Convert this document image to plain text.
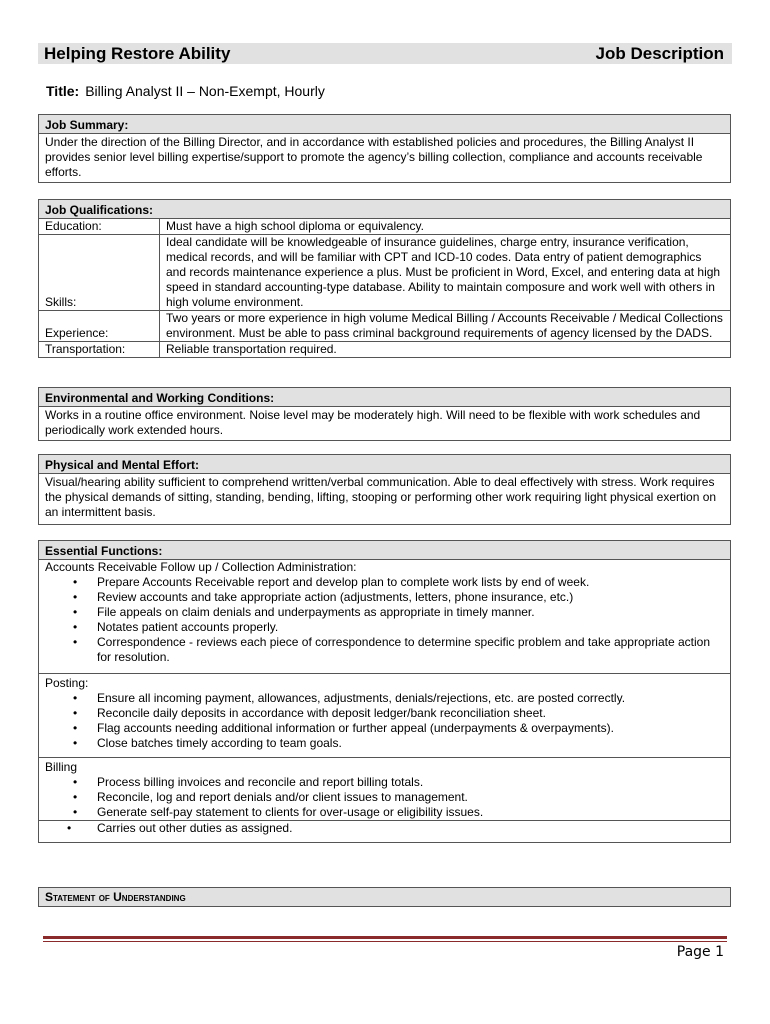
Helping Restore Ability	Job Description
Title: Billing Analyst II – Non-Exempt, Hourly
Job Summary:
Under the direction of the Billing Director, and in accordance with established policies and procedures, the Billing Analyst II provides senior level billing expertise/support to promote the agency’s billing collection, compliance and accounts receivable efforts.
Job Qualifications:
Education:	Must have a high school diploma or equivalency.
Skills:	Ideal candidate will be knowledgeable of insurance guidelines, charge entry, insurance verification, medical records, and will be familiar with CPT and ICD-10 codes. Data entry of patient demographics and records maintenance experience a plus. Must be proficient in Word, Excel, and entering data at high speed in standard accounting-type database. Ability to maintain composure and work well with others in high volume environment.
Experience:	Two years or more experience in high volume Medical Billing / Accounts Receivable / Medical Collections environment. Must be able to pass criminal background requirements of agency licensed by the DADS.
Transportation:	Reliable transportation required.
Environmental and Working Conditions:
Works in a routine office environment. Noise level may be moderately high. Will need to be flexible with work schedules and periodically work extended hours.
Physical and Mental Effort:
Visual/hearing ability sufficient to comprehend written/verbal communication. Able to deal effectively with stress. Work requires the physical demands of sitting, standing, bending, lifting, stooping or performing other work requiring light physical exertion on an intermittent basis.
Essential Functions:
Accounts Receivable Follow up / Collection Administration:
• Prepare Accounts Receivable report and develop plan to complete work lists by end of week.
• Review accounts and take appropriate action (adjustments, letters, phone insurance, etc.)
• File appeals on claim denials and underpayments as appropriate in timely manner.
• Notates patient accounts properly.
• Correspondence - reviews each piece of correspondence to determine specific problem and take appropriate action for resolution.
Posting:
• Ensure all incoming payment, allowances, adjustments, denials/rejections, etc. are posted correctly.
• Reconcile daily deposits in accordance with deposit ledger/bank reconciliation sheet.
• Flag accounts needing additional information or further appeal (underpayments & overpayments).
• Close batches timely according to team goals.
Billing
• Process billing invoices and reconcile and report billing totals.
• Reconcile, log and report denials and/or client issues to management.
• Generate self-pay statement to clients for over-usage or eligibility issues.
• Carries out other duties as assigned.
Statement of Understanding
Page 1
